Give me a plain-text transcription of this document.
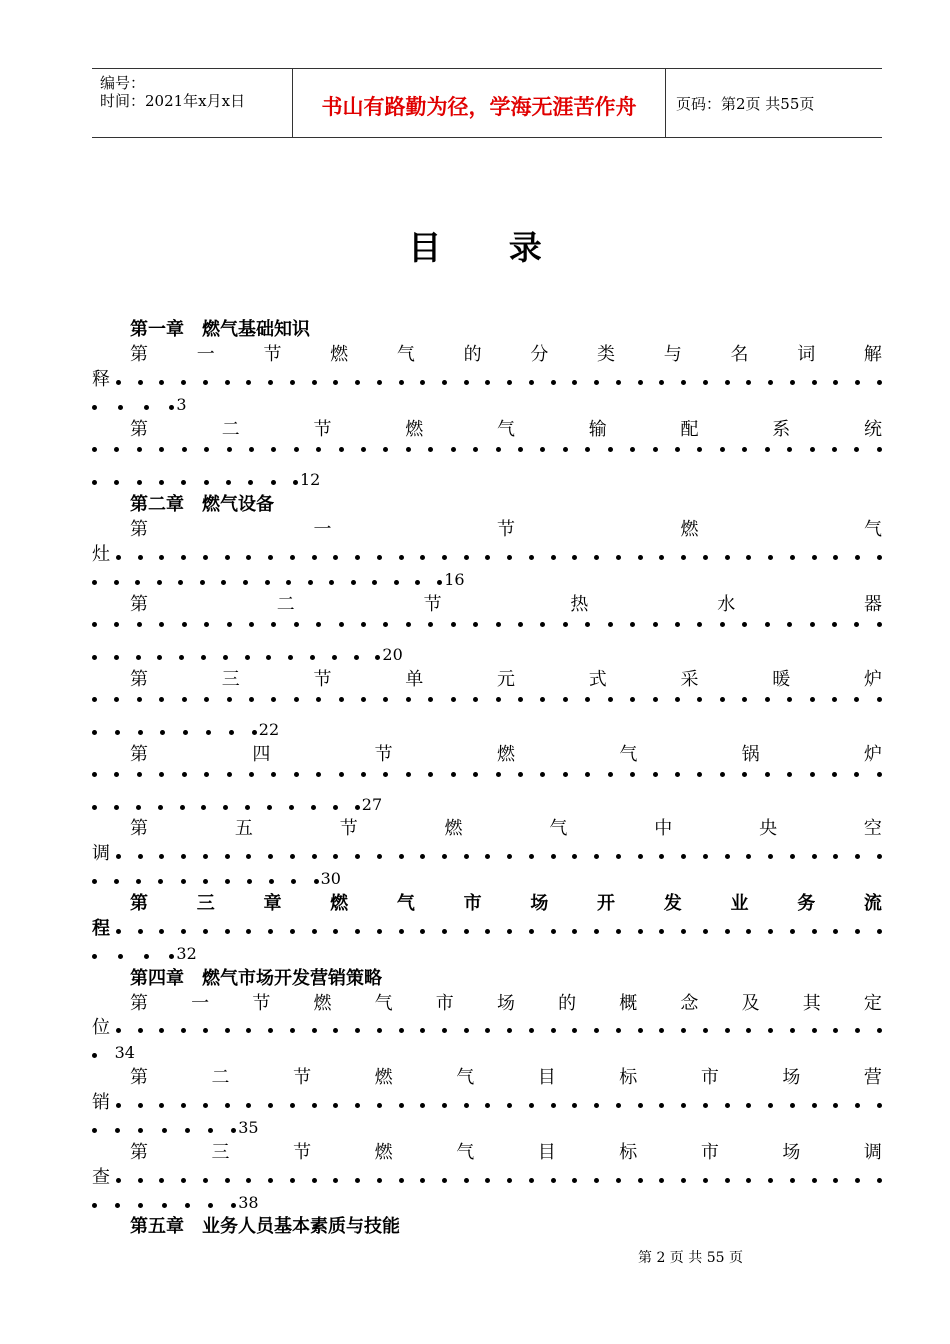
编号：
时间：2021年x月x日	书山有路勤为径，学海无涯苦作舟	页码：第2页 共55页
目 录
第一章　燃气基础知识
第	一	节	燃	气	的	分	类	与	名	词	解
释
3
第	二	节	燃	气	输	配	系	统
12
第二章　燃气设备
第	一	节	燃	气
灶
16
第	二	节	热	水	器
20
第	三	节	单	元	式	采	暖	炉
22
第	四	节	燃	气	锅	炉
27
第	五	节	燃	气	中	央	空
调
30
第	三	章	燃	气	市	场	开	发	业	务	流
程
32
第四章　燃气市场开发营销策略
第 一 节 燃 气 市 场 的 概 念 及 其 定
位
34
第	二	节	燃	气	目	标	市	场	营
销
35
第	三	节	燃	气	目	标	市	场	调
查
38
第五章　业务人员基本素质与技能
第 2 页 共 55 页
